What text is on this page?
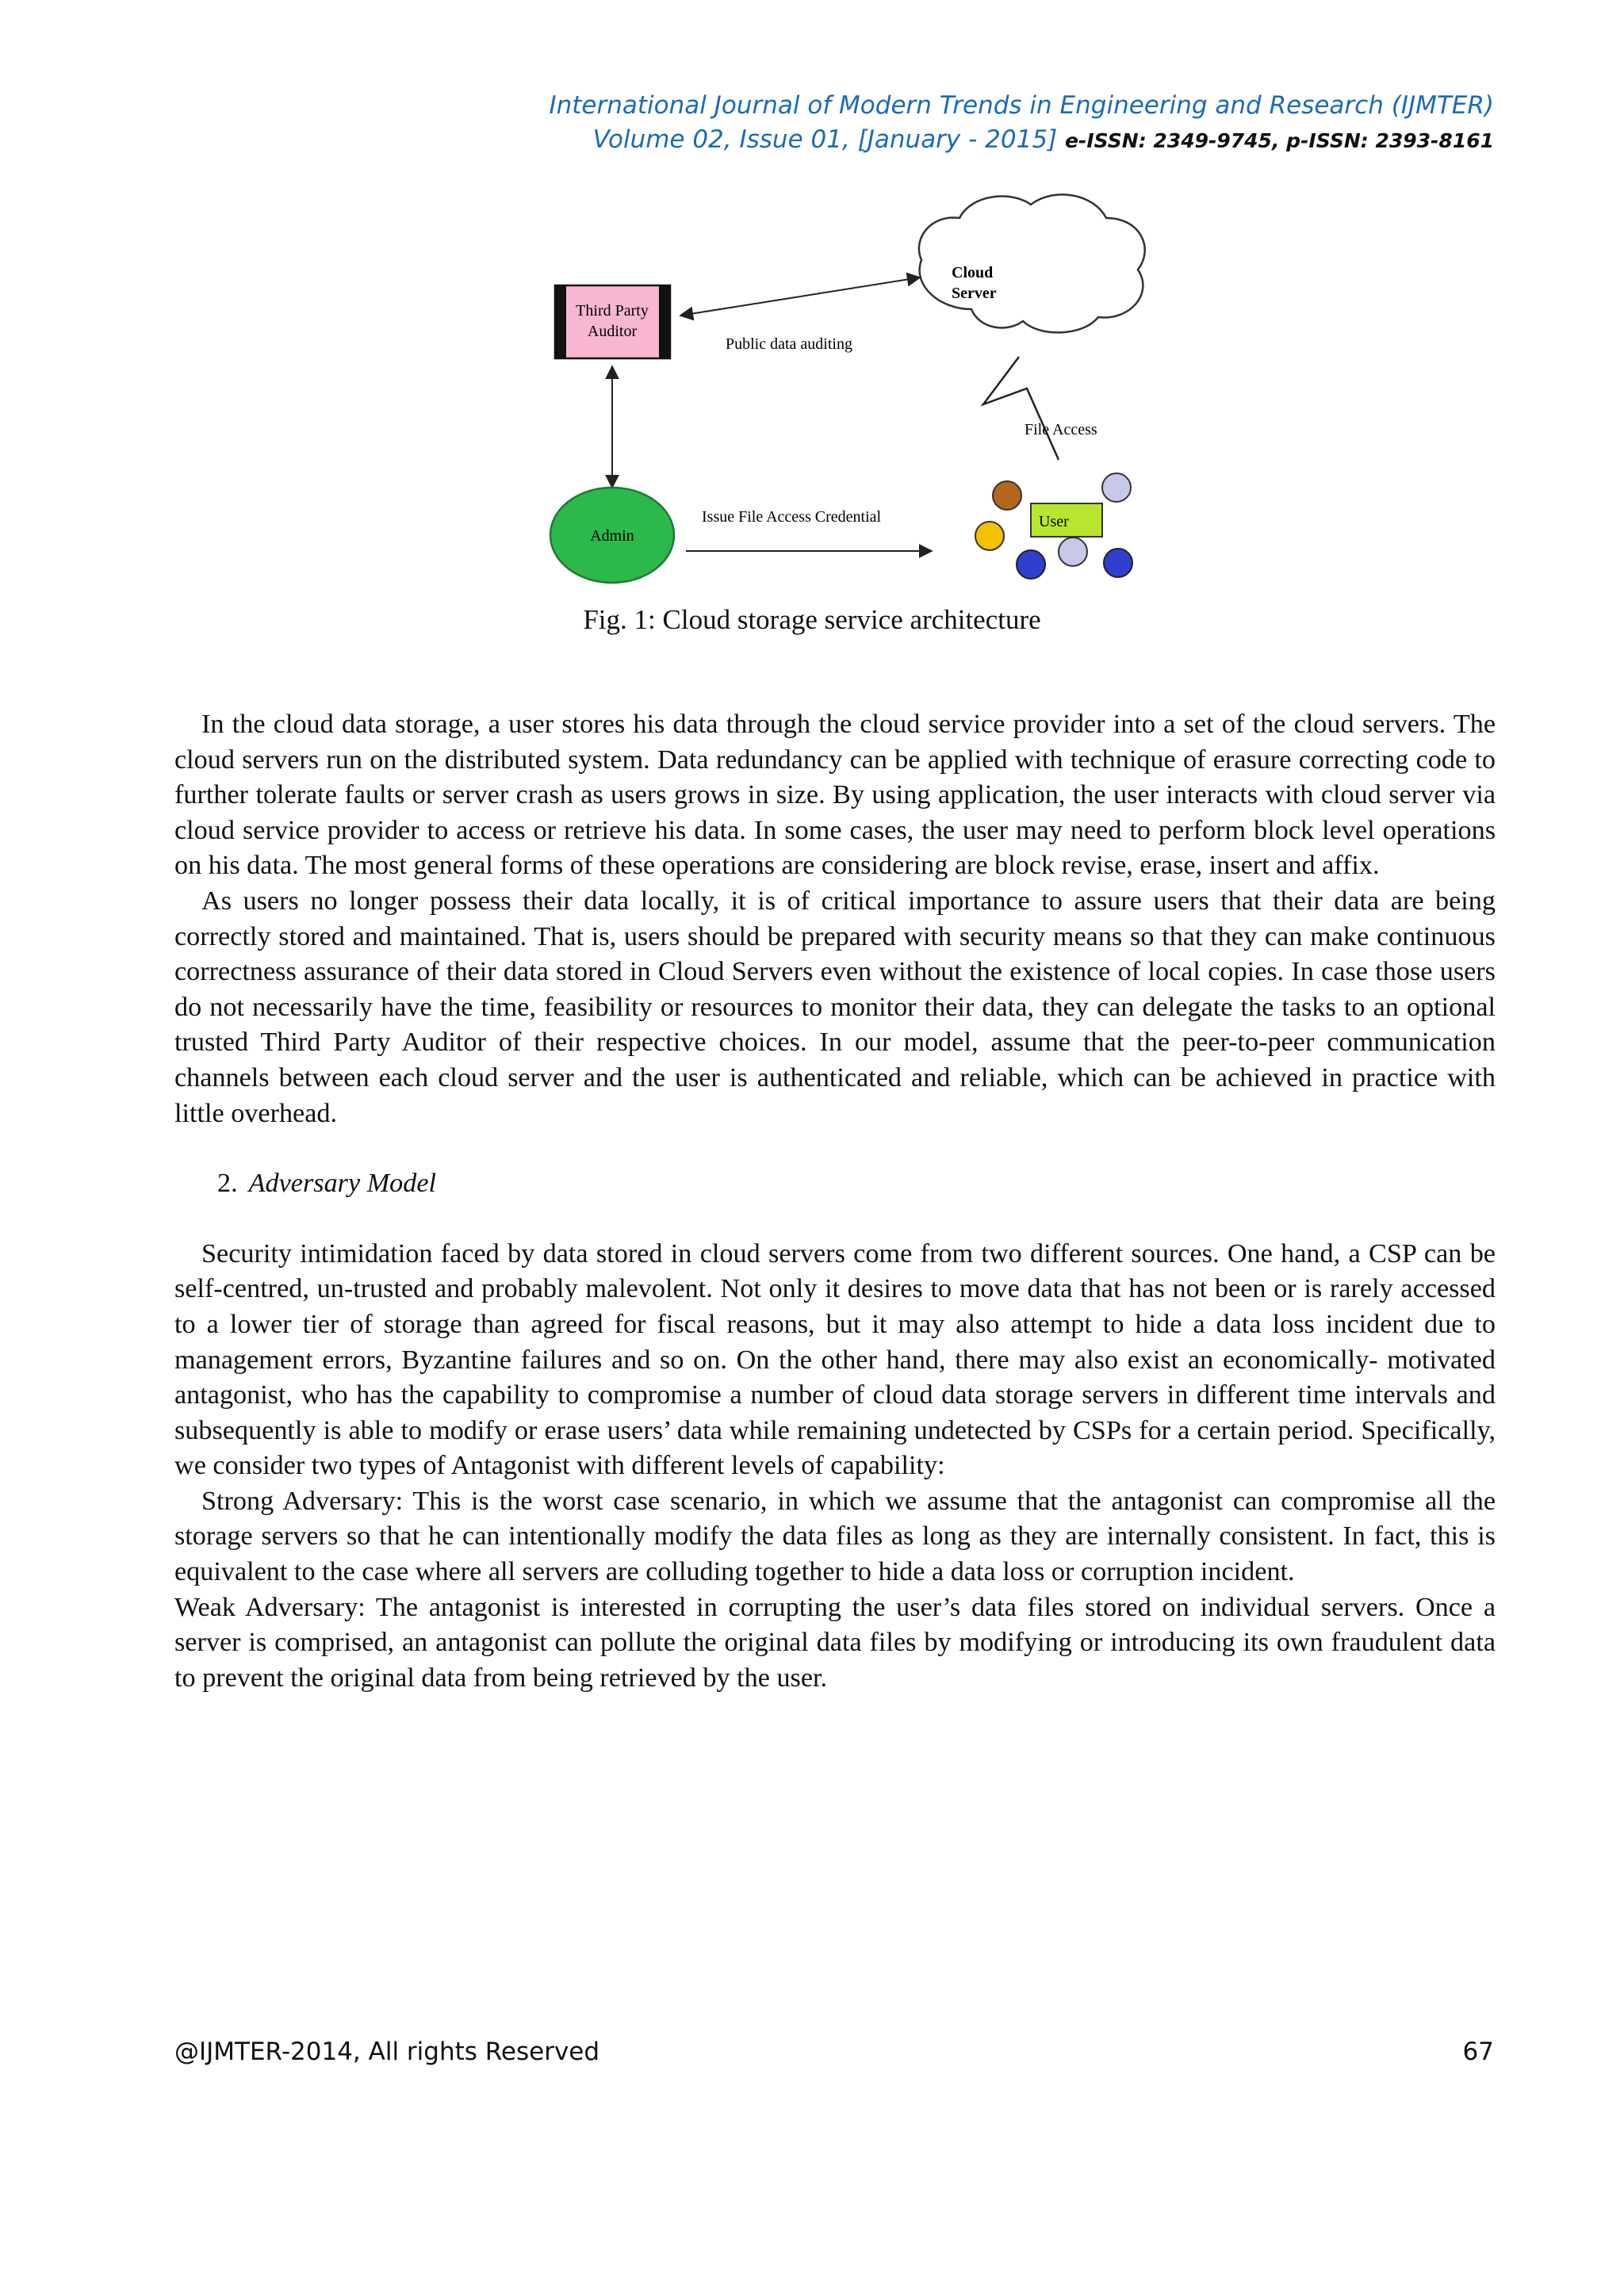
International Journal of Modern Trends in Engineering and Research (IJMTER)
Volume 02, Issue 01, [January - 2015] e-ISSN: 2349-9745, p-ISSN: 2393-8161
Cloud
Server
Third Party
Auditor
Public data auditing
File Access
Admin
Issue File Access Credential	User
Fig. 1: Cloud storage service architecture

In the cloud data storage, a user stores his data through the cloud service provider into a set of the cloud servers. The cloud servers run on the distributed system. Data redundancy can be applied with technique of erasure correcting code to further tolerate faults or server crash as users grows in size. By using application, the user interacts with cloud server via cloud service provider to access or retrieve his data. In some cases, the user may need to perform block level operations on his data. The most general forms of these operations are considering are block revise, erase, insert and affix.

As users no longer possess their data locally, it is of critical importance to assure users that their data are being correctly stored and maintained. That is, users should be prepared with security means so that they can make continuous correctness assurance of their data stored in Cloud Servers even without the existence of local copies. In case those users do not necessarily have the time, feasibility or resources to monitor their data, they can delegate the tasks to an optional trusted Third Party Auditor of their respective choices. In our model, assume that the peer-to-peer communication channels between each cloud server and the user is authenticated and reliable, which can be achieved in practice with little overhead.

2. Adversary Model

Security intimidation faced by data stored in cloud servers come from two different sources. One hand, a CSP can be self-centred, un-trusted and probably malevolent. Not only it desires to move data that has not been or is rarely accessed to a lower tier of storage than agreed for fiscal reasons, but it may also attempt to hide a data loss incident due to management errors, Byzantine failures and so on. On the other hand, there may also exist an economically- motivated antagonist, who has the capability to compromise a number of cloud data storage servers in different time intervals and subsequently is able to modify or erase users’ data while remaining undetected by CSPs for a certain period. Specifically, we consider two types of Antagonist with different levels of capability:

Strong Adversary: This is the worst case scenario, in which we assume that the antagonist can compromise all the storage servers so that he can intentionally modify the data files as long as they are internally consistent. In fact, this is equivalent to the case where all servers are colluding together to hide a data loss or corruption incident.

Weak Adversary: The antagonist is interested in corrupting the user’s data files stored on individual servers. Once a server is comprised, an antagonist can pollute the original data files by modifying or introducing its own fraudulent data to prevent the original data from being retrieved by the user.

@IJMTER-2014, All rights Reserved	67
